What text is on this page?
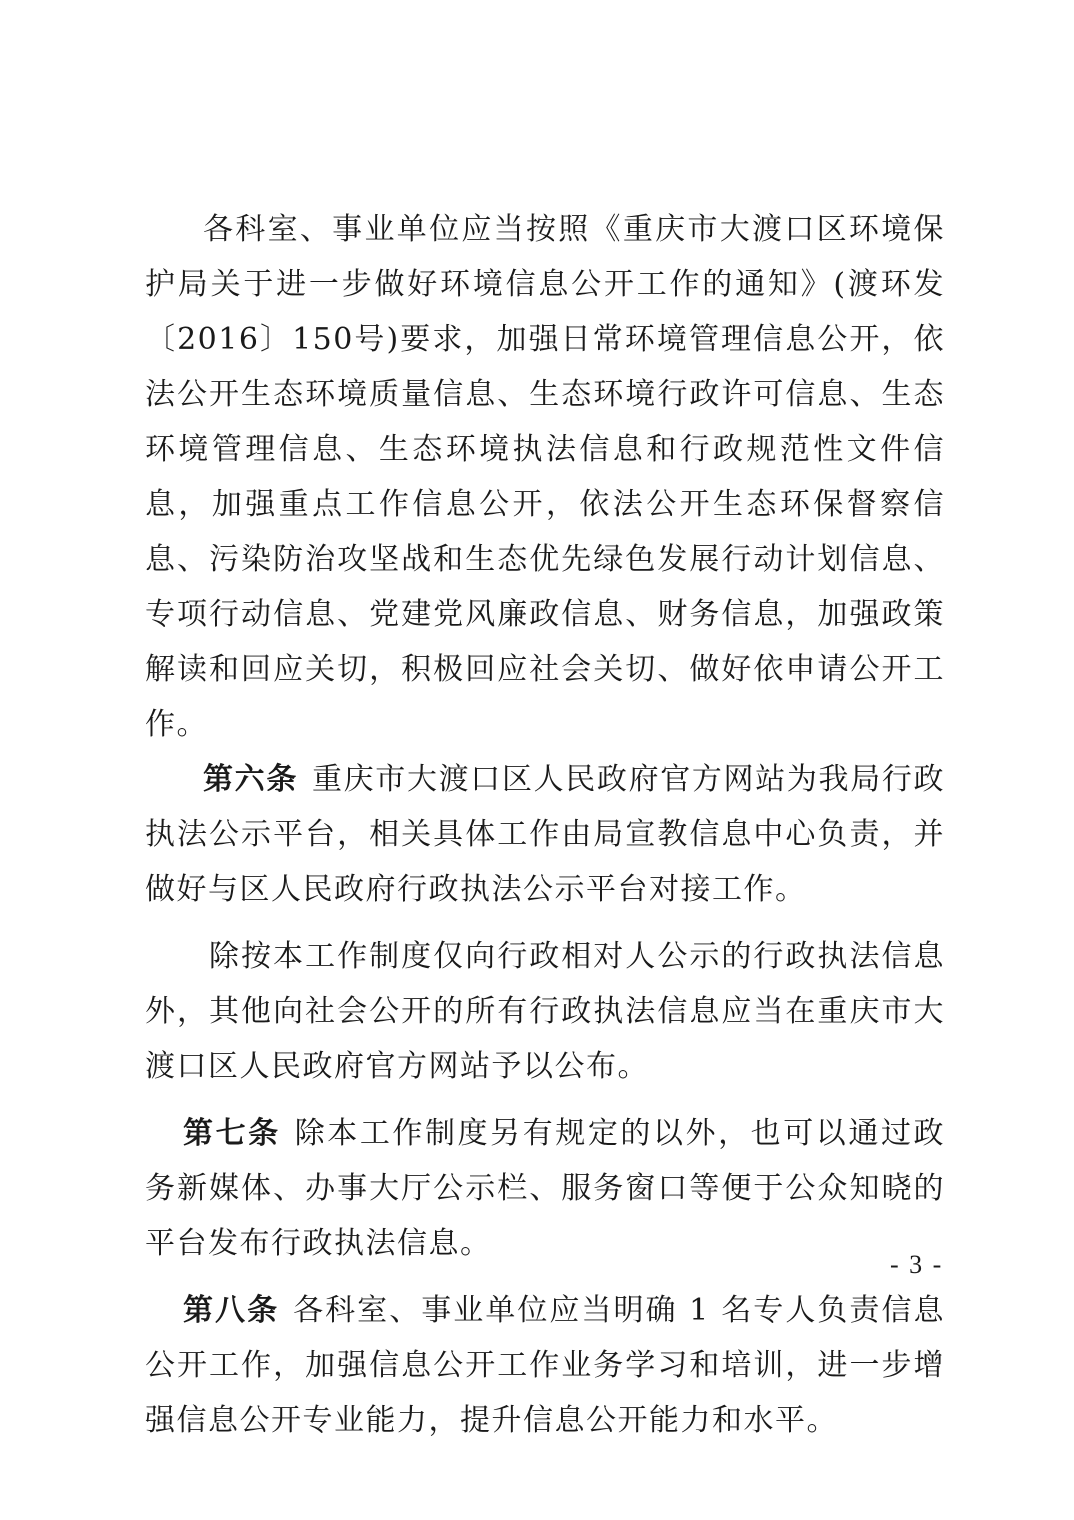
各科室、事业单位应当按照《重庆市大渡口区环境保护局关于进一步做好环境信息公开工作的通知》(渡环发〔2016〕150号)要求，加强日常环境管理信息公开，依法公开生态环境质量信息、生态环境行政许可信息、生态环境管理信息、生态环境执法信息和行政规范性文件信息，加强重点工作信息公开，依法公开生态环保督察信息、污染防治攻坚战和生态优先绿色发展行动计划信息、专项行动信息、党建党风廉政信息、财务信息，加强政策解读和回应关切，积极回应社会关切、做好依申请公开工作。

第六条 重庆市大渡口区人民政府官方网站为我局行政执法公示平台，相关具体工作由局宣教信息中心负责，并做好与区人民政府行政执法公示平台对接工作。

除按本工作制度仅向行政相对人公示的行政执法信息外，其他向社会公开的所有行政执法信息应当在重庆市大渡口区人民政府官方网站予以公布。

第七条 除本工作制度另有规定的以外，也可以通过政务新媒体、办事大厅公示栏、服务窗口等便于公众知晓的平台发布行政执法信息。

第八条 各科室、事业单位应当明确 1 名专人负责信息公开工作，加强信息公开工作业务学习和培训，进一步增强信息公开专业能力，提升信息公开能力和水平。

- 3 -
